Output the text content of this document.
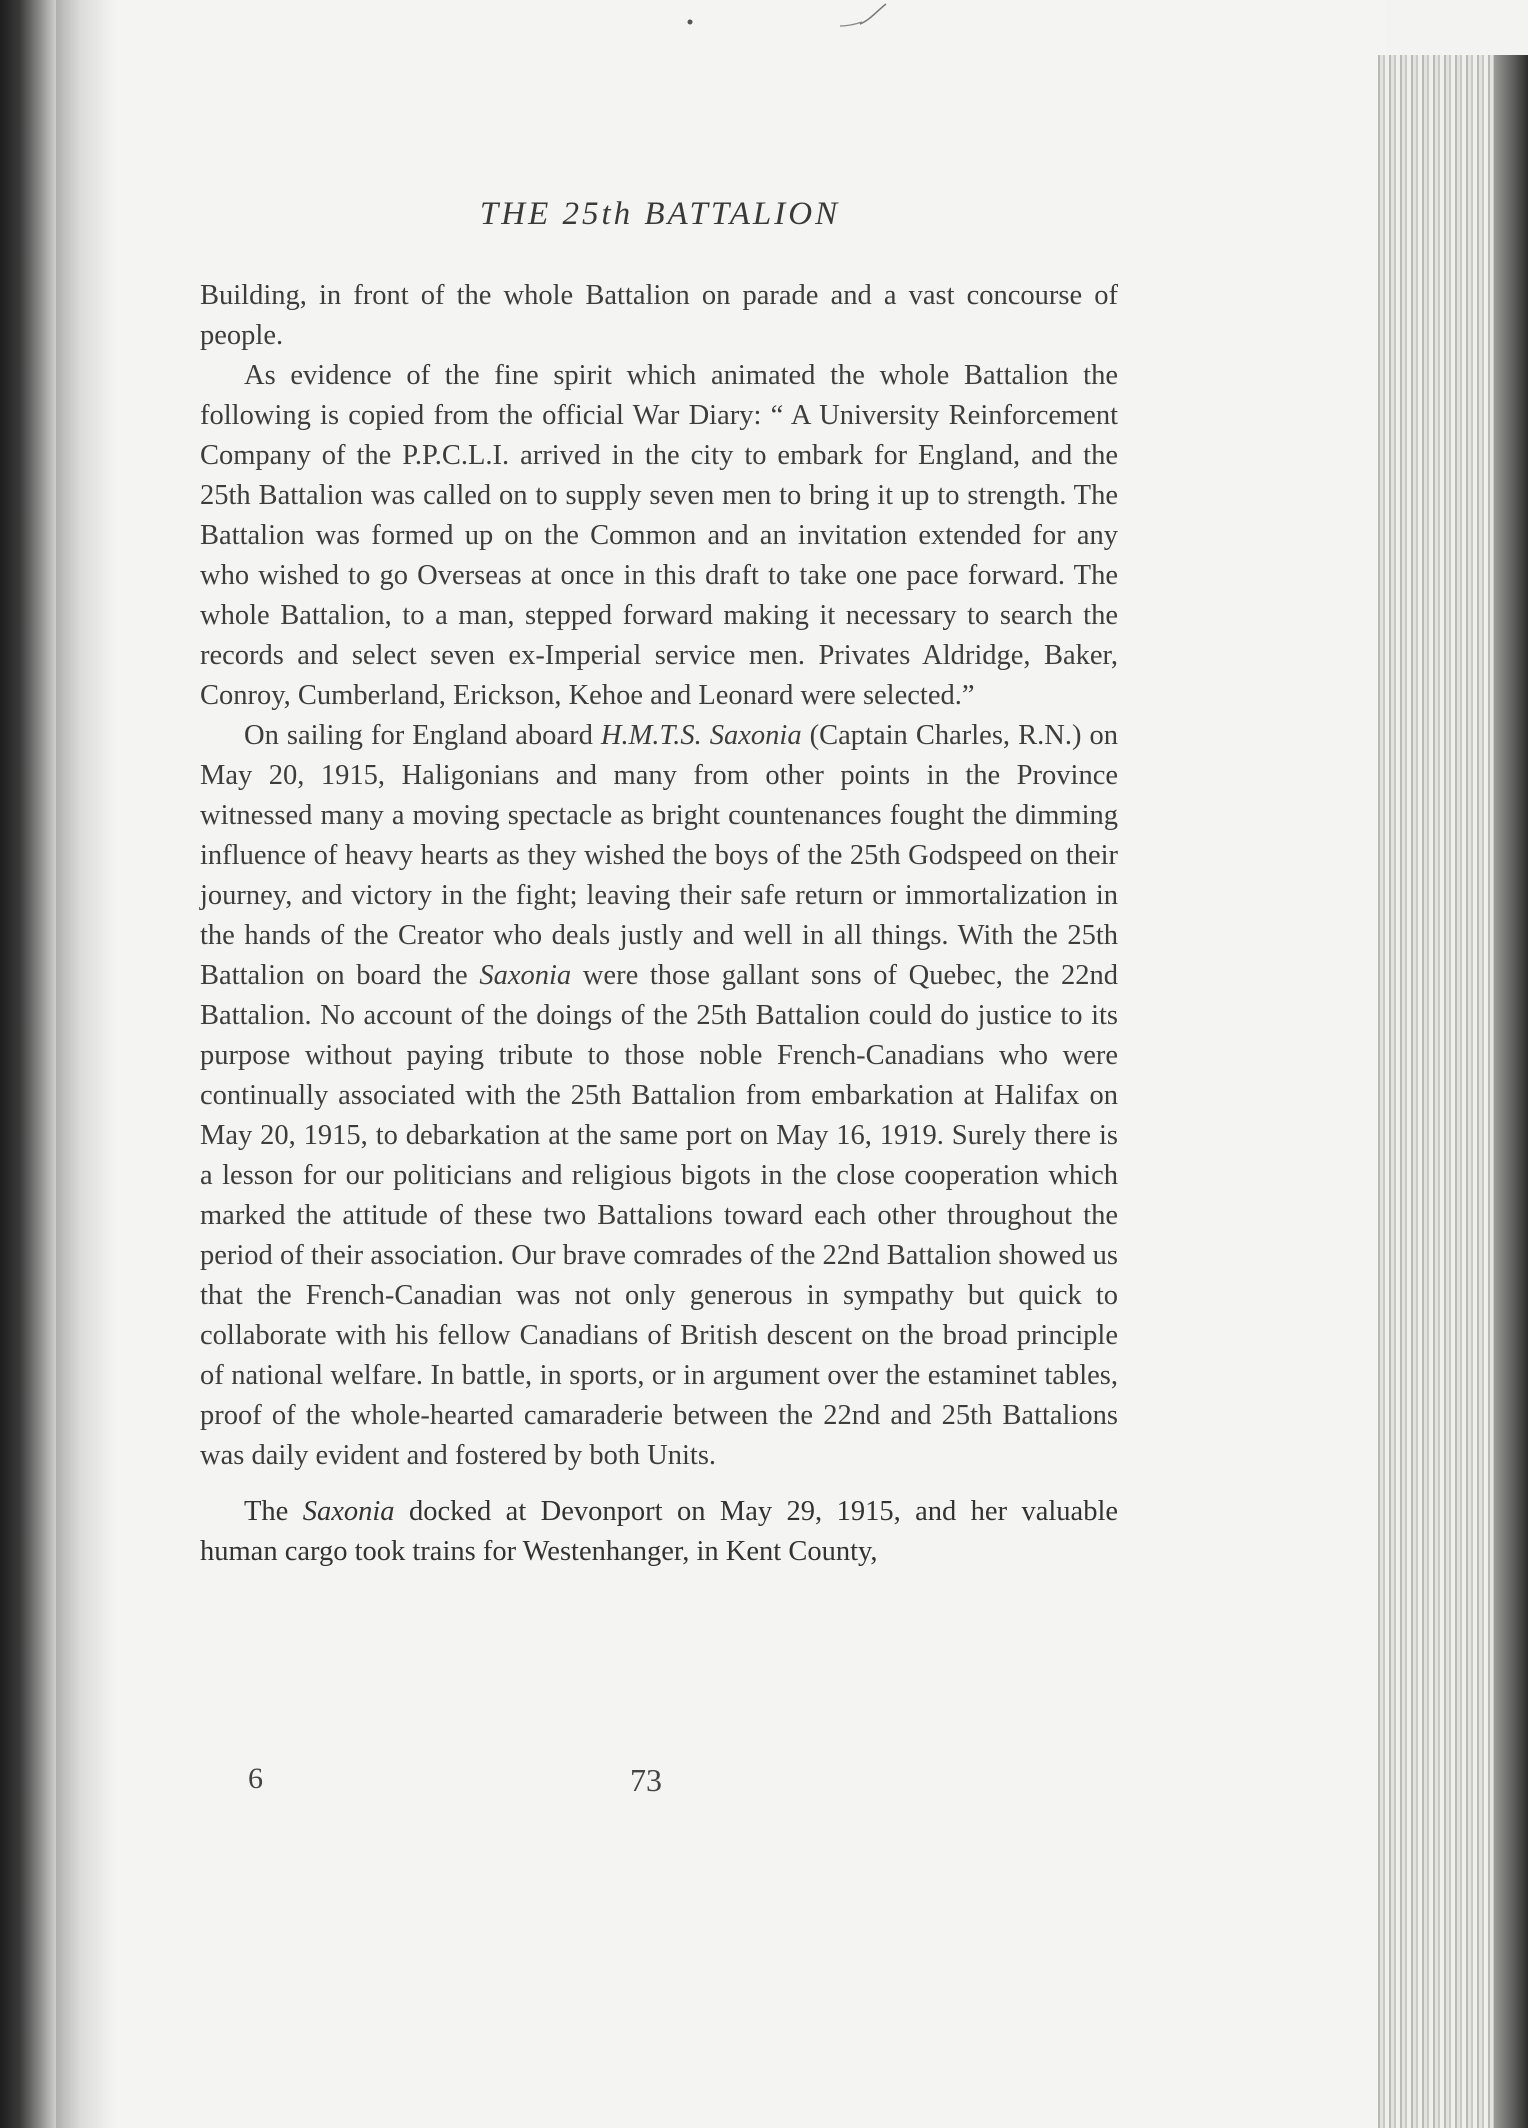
THE 25th BATTALION

Building, in front of the whole Battalion on parade and a vast concourse of people.

As evidence of the fine spirit which animated the whole Battalion the following is copied from the official War Diary: “ A University Reinforcement Company of the P.P.C.L.I. arrived in the city to embark for England, and the 25th Battalion was called on to supply seven men to bring it up to strength. The Battalion was formed up on the Common and an invitation extended for any who wished to go Overseas at once in this draft to take one pace forward. The whole Battalion, to a man, stepped forward making it necessary to search the records and select seven ex-Imperial service men. Privates Aldridge, Baker, Conroy, Cumberland, Erickson, Kehoe and Leonard were selected.”

On sailing for England aboard H.M.T.S. Saxonia (Captain Charles, R.N.) on May 20, 1915, Haligonians and many from other points in the Province witnessed many a moving spectacle as bright countenances fought the dimming influence of heavy hearts as they wished the boys of the 25th Godspeed on their journey, and victory in the fight; leaving their safe return or immortalization in the hands of the Creator who deals justly and well in all things. With the 25th Battalion on board the Saxonia were those gallant sons of Quebec, the 22nd Battalion. No account of the doings of the 25th Battalion could do justice to its purpose without paying tribute to those noble French-Canadians who were continually associated with the 25th Battalion from embarkation at Halifax on May 20, 1915, to debarkation at the same port on May 16, 1919. Surely there is a lesson for our politicians and religious bigots in the close cooperation which marked the attitude of these two Battalions toward each other throughout the period of their association. Our brave comrades of the 22nd Battalion showed us that the French-Canadian was not only generous in sympathy but quick to collaborate with his fellow Canadians of British descent on the broad principle of national welfare. In battle, in sports, or in argument over the estaminet tables, proof of the whole-hearted camaraderie between the 22nd and 25th Battalions was daily evident and fostered by both Units.

The Saxonia docked at Devonport on May 29, 1915, and her valuable human cargo took trains for Westenhanger, in Kent County,

6	73
